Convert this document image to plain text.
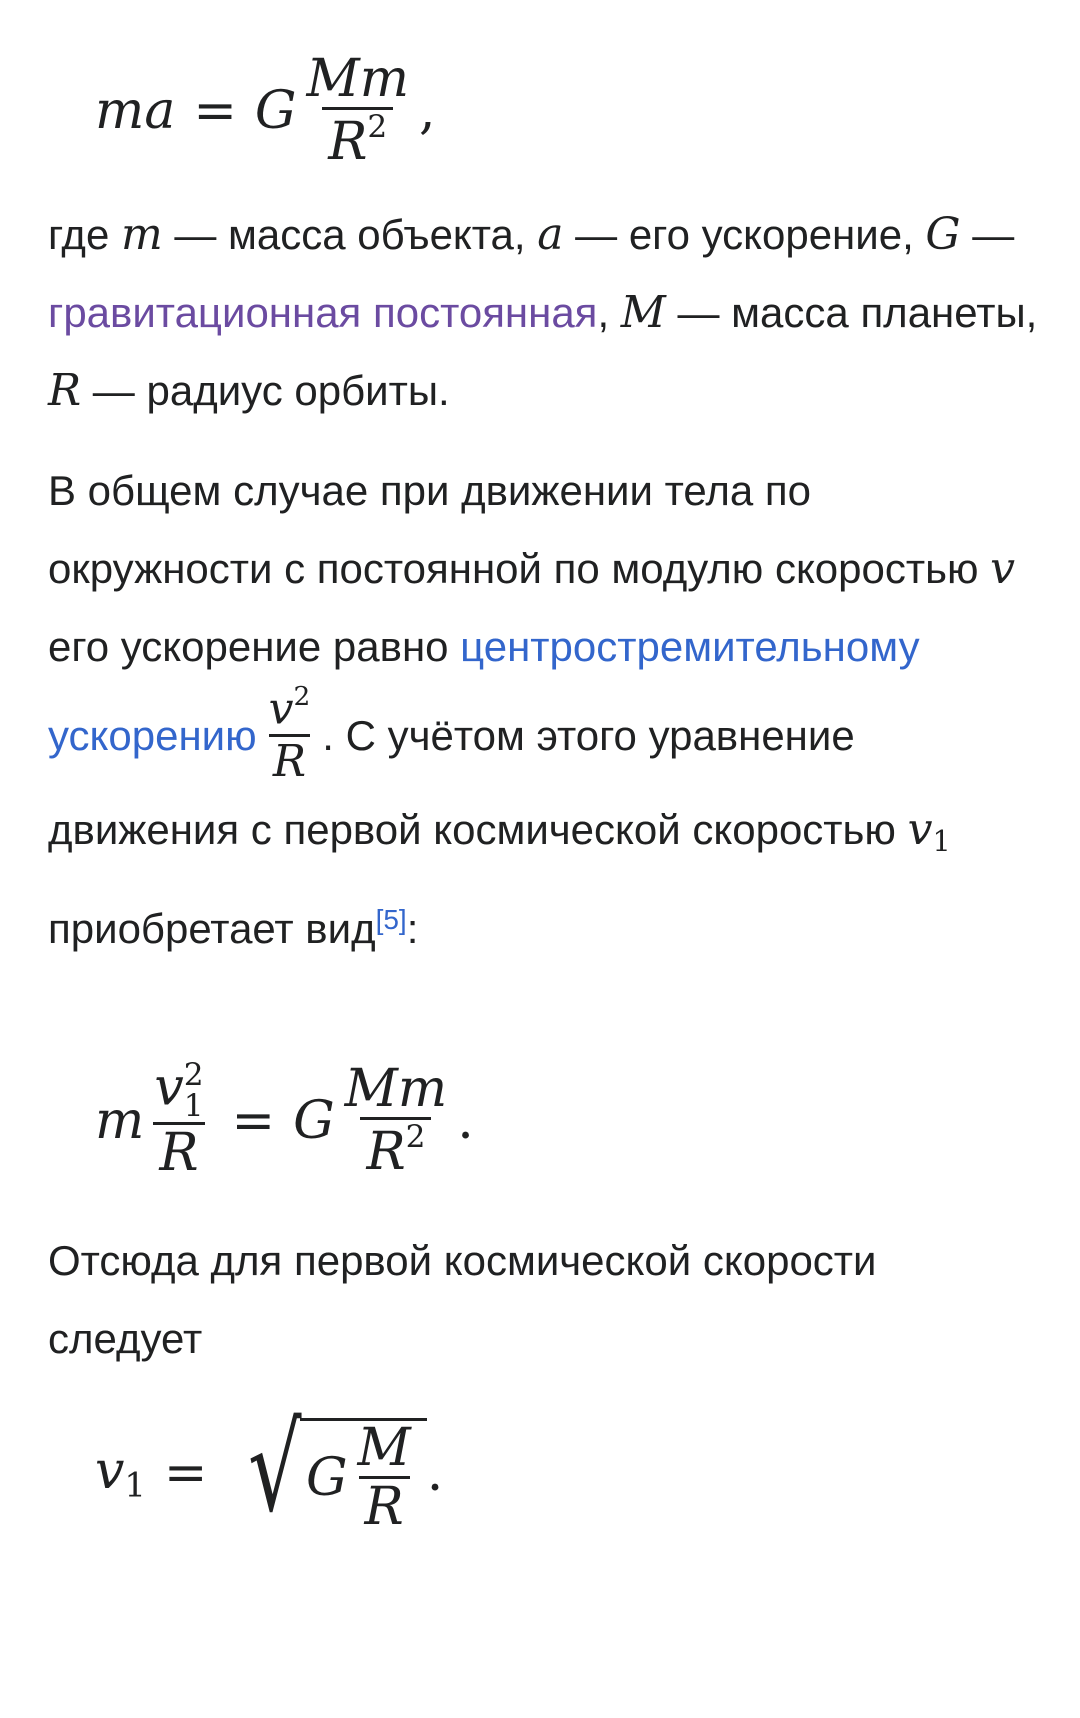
m a = G $\frac{Mm}{R^2}$ ,

где m — масса объекта, a — его ускорение, G — гравитационная постоянная, M — масса планеты, R — радиус орбиты.

В общем случае при движении тела по окружности с постоянной по модулю скоростью v его ускорение равно центростремительному ускорению $\frac{v^2}{R}$ . С учётом этого уравнение движения с первой космической скоростью $v_1$ приобретает вид[5]:

m v 2
1
R = G $\frac{Mm}{R^2}$ .

Отсюда для первой космической скорости следует

$v_1$ = √ G $\frac{M}{R}$ .
